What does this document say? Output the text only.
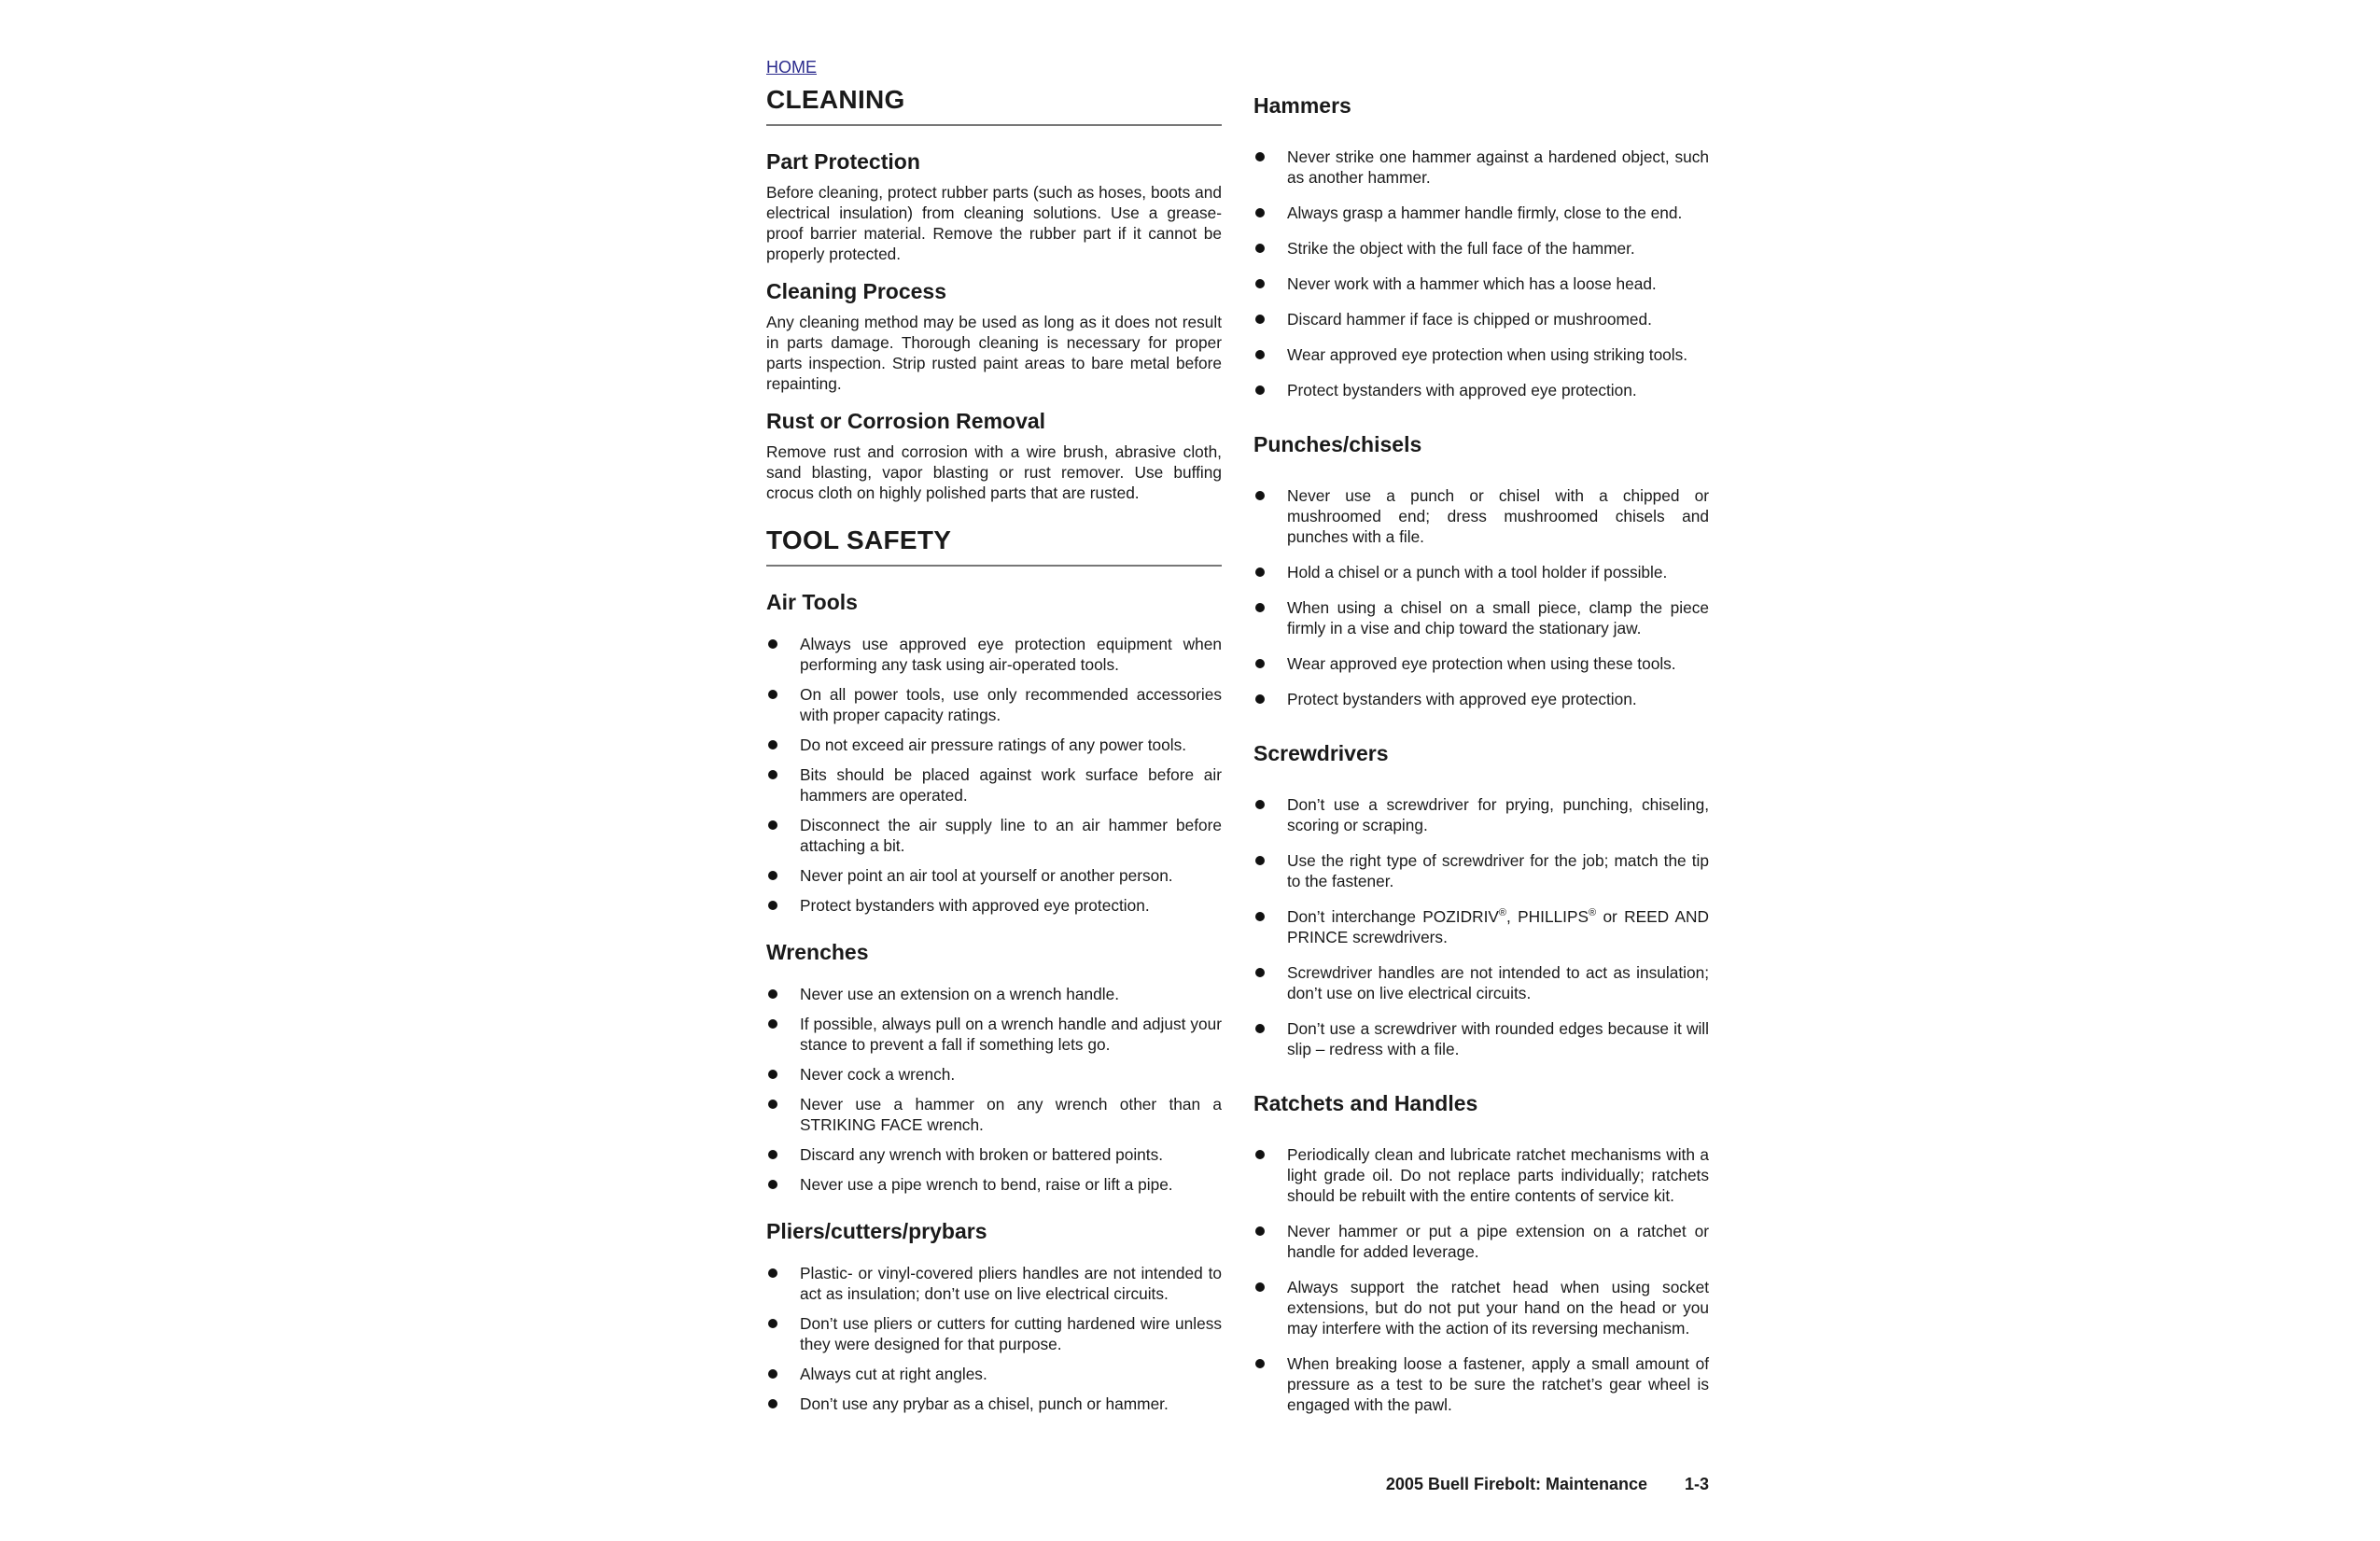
HOME
CLEANING
Part Protection

Before cleaning, protect rubber parts (such as hoses, boots and electrical insulation) from cleaning solutions. Use a grease-proof barrier material. Remove the rubber part if it cannot be properly protected.

Cleaning Process

Any cleaning method may be used as long as it does not result in parts damage. Thorough cleaning is necessary for proper parts inspection. Strip rusted paint areas to bare metal before repainting.

Rust or Corrosion Removal

Remove rust and corrosion with a wire brush, abrasive cloth, sand blasting, vapor blasting or rust remover. Use buffing crocus cloth on highly polished parts that are rusted.

TOOL SAFETY
Air Tools
Always use approved eye protection equipment when performing any task using air-operated tools.
On all power tools, use only recommended accessories with proper capacity ratings.
Do not exceed air pressure ratings of any power tools.
Bits should be placed against work surface before air hammers are operated.
Disconnect the air supply line to an air hammer before attaching a bit.
Never point an air tool at yourself or another person.
Protect bystanders with approved eye protection.
Wrenches
Never use an extension on a wrench handle.
If possible, always pull on a wrench handle and adjust your stance to prevent a fall if something lets go.
Never cock a wrench.
Never use a hammer on any wrench other than a STRIKING FACE wrench.
Discard any wrench with broken or battered points.
Never use a pipe wrench to bend, raise or lift a pipe.
Pliers/cutters/prybars
Plastic- or vinyl-covered pliers handles are not intended to act as insulation; don’t use on live electrical circuits.
Don’t use pliers or cutters for cutting hardened wire unless they were designed for that purpose.
Always cut at right angles.
Don’t use any prybar as a chisel, punch or hammer.
Hammers
Never strike one hammer against a hardened object, such as another hammer.
Always grasp a hammer handle firmly, close to the end.
Strike the object with the full face of the hammer.
Never work with a hammer which has a loose head.
Discard hammer if face is chipped or mushroomed.
Wear approved eye protection when using striking tools.
Protect bystanders with approved eye protection.
Punches/chisels
Never use a punch or chisel with a chipped or mushroomed end; dress mushroomed chisels and punches with a file.
Hold a chisel or a punch with a tool holder if possible.
When using a chisel on a small piece, clamp the piece firmly in a vise and chip toward the stationary jaw.
Wear approved eye protection when using these tools.
Protect bystanders with approved eye protection.
Screwdrivers
Don’t use a screwdriver for prying, punching, chiseling, scoring or scraping.
Use the right type of screwdriver for the job; match the tip to the fastener.
Don’t interchange POZIDRIV®, PHILLIPS® or REED AND PRINCE screwdrivers.
Screwdriver handles are not intended to act as insulation; don’t use on live electrical circuits.
Don’t use a screwdriver with rounded edges because it will slip – redress with a file.
Ratchets and Handles
Periodically clean and lubricate ratchet mechanisms with a light grade oil. Do not replace parts individually; ratchets should be rebuilt with the entire contents of service kit.
Never hammer or put a pipe extension on a ratchet or handle for added leverage.
Always support the ratchet head when using socket extensions, but do not put your hand on the head or you may interfere with the action of its reversing mechanism.
When breaking loose a fastener, apply a small amount of pressure as a test to be sure the ratchet’s gear wheel is engaged with the pawl.
2005 Buell Firebolt: Maintenance 1-3
